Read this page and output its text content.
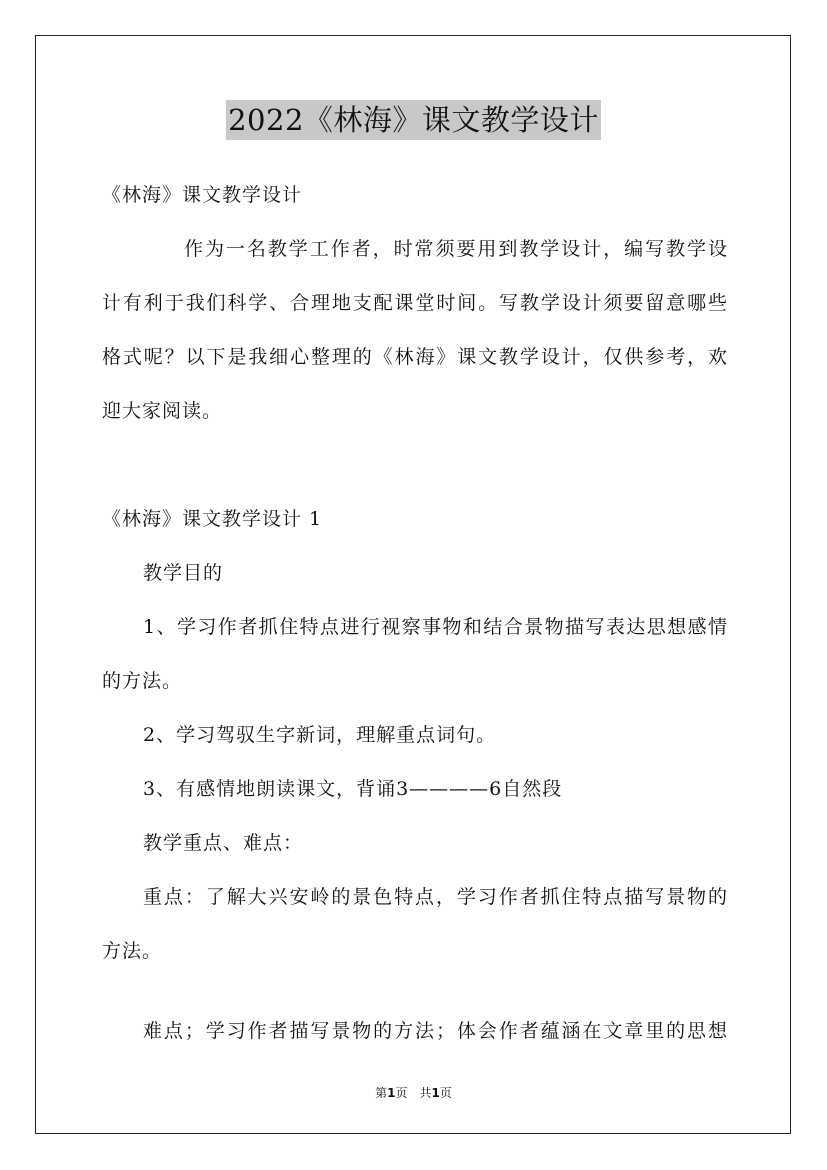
2022《林海》课文教学设计
《林海》课文教学设计
作为一名教学工作者，时常须要用到教学设计，编写教学设
计有利于我们科学、合理地支配课堂时间。写教学设计须要留意哪些
格式呢？以下是我细心整理的《林海》课文教学设计，仅供参考，欢
迎大家阅读。
《林海》课文教学设计 1
教学目的
1、学习作者抓住特点进行视察事物和结合景物描写表达思想感情
的方法。
2、学习驾驭生字新词，理解重点词句。
3、有感情地朗读课文，背诵3————6自然段
教学重点、难点：
重点：了解大兴安岭的景色特点，学习作者抓住特点描写景物的
方法。
难点；学习作者描写景物的方法；体会作者蕴涵在文章里的思想
第1页　共1页
